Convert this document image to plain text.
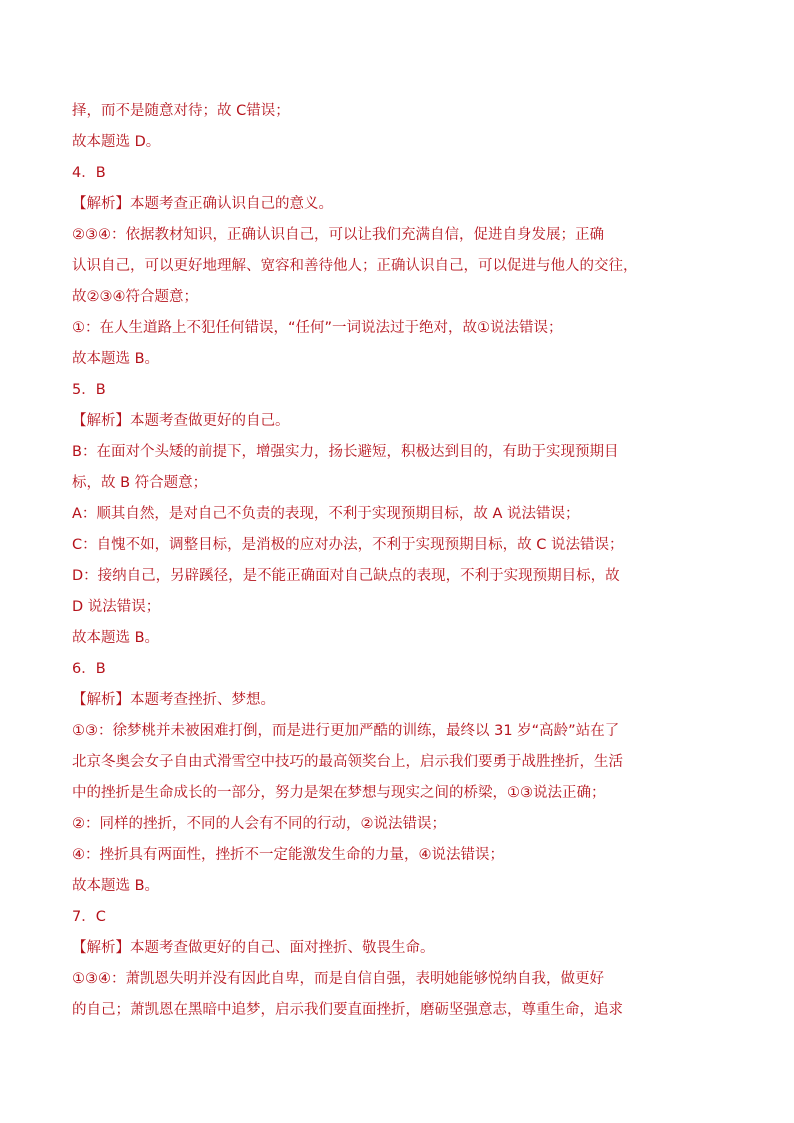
择，而不是随意对待；故 C错误；
故本题选 D。
4．B
【解析】本题考查正确认识自己的意义。
②③④：依据教材知识，正确认识自己，可以让我们充满自信，促进自身发展；正确
认识自己，可以更好地理解、宽容和善待他人；正确认识自己，可以促进与他人的交往，
故②③④符合题意；
①：在人生道路上不犯任何错误，“任何”一词说法过于绝对，故①说法错误；
故本题选 B。
5．B
【解析】本题考查做更好的自己。
B：在面对个头矮的前提下，增强实力，扬长避短，积极达到目的，有助于实现预期目
标，故 B 符合题意；
A：顺其自然，是对自己不负责的表现，不利于实现预期目标，故 A 说法错误；
C：自愧不如，调整目标，是消极的应对办法，不利于实现预期目标，故 C 说法错误；
D：接纳自己，另辟蹊径，是不能正确面对自己缺点的表现，不利于实现预期目标，故
D 说法错误；
故本题选 B。
6．B
【解析】本题考查挫折、梦想。
①③：徐梦桃并未被困难打倒，而是进行更加严酷的训练，最终以 31 岁“高龄”站在了
北京冬奥会女子自由式滑雪空中技巧的最高领奖台上，启示我们要勇于战胜挫折，生活
中的挫折是生命成长的一部分，努力是架在梦想与现实之间的桥梁，①③说法正确；
②：同样的挫折，不同的人会有不同的行动，②说法错误；
④：挫折具有两面性，挫折不一定能激发生命的力量，④说法错误；
故本题选 B。
7．C
【解析】本题考查做更好的自己、面对挫折、敬畏生命。
①③④：萧凯恩失明并没有因此自卑，而是自信自强，表明她能够悦纳自我，做更好
的自己；萧凯恩在黑暗中追梦，启示我们要直面挫折，磨砺坚强意志，尊重生命，追求
